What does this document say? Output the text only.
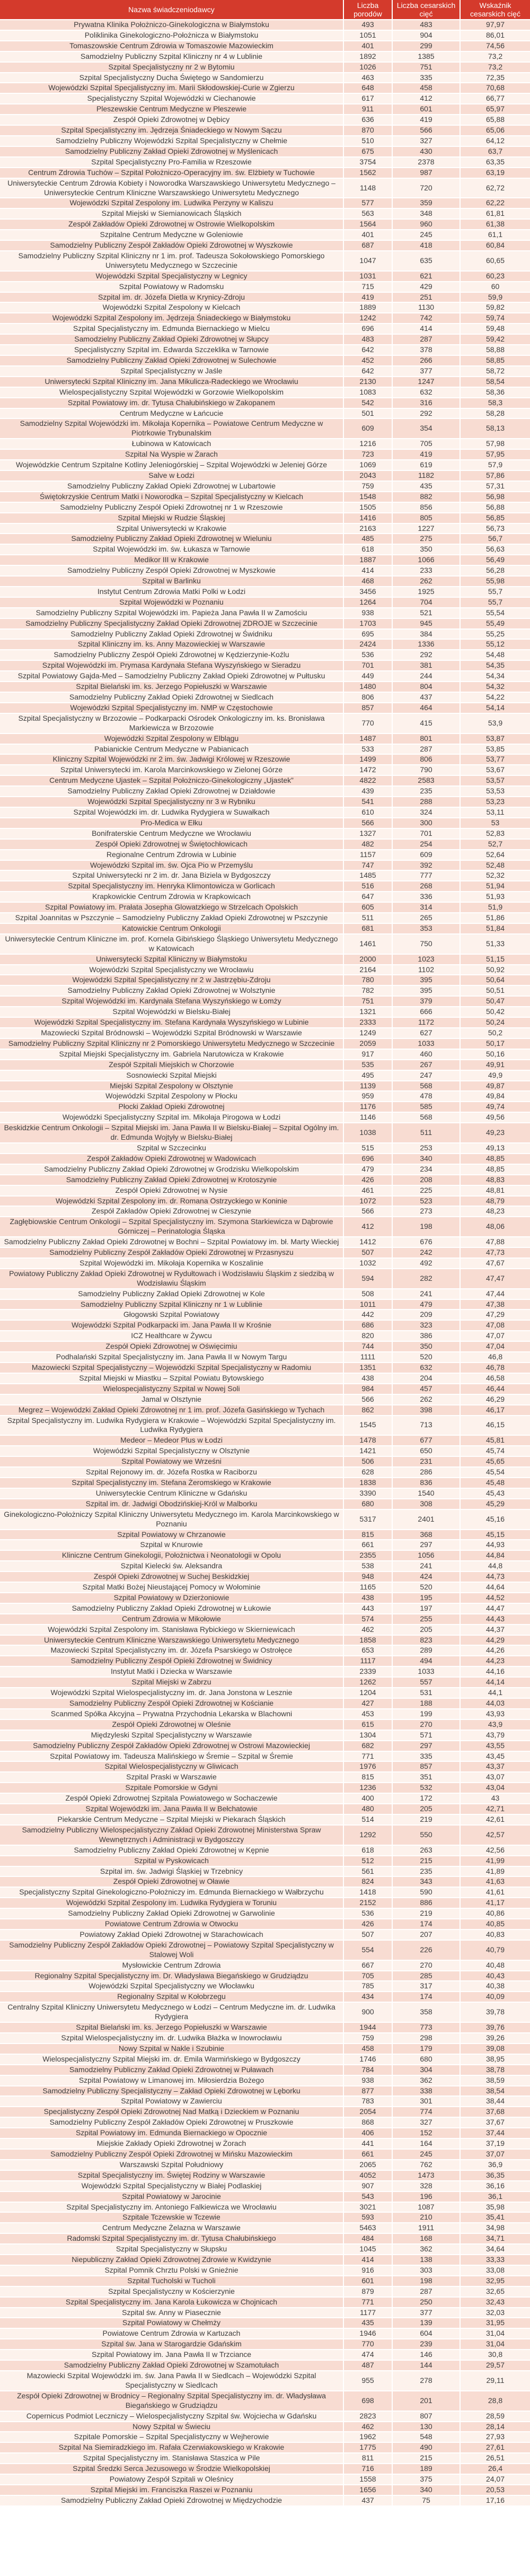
Nazwa świadczeniodawcy	Liczba porodów	Liczba cesarskich cięć	Wskaźnik cesarskich cięć
Prywatna Klinika Położniczo-Ginekologiczna w Białymstoku	493	483	97,97
Poliklinika Ginekologiczno-Położnicza w Białymstoku	1051	904	86,01
Tomaszowskie Centrum Zdrowia w Tomaszowie Mazowieckim	401	299	74,56
Samodzielny Publiczny Szpital Kliniczny nr 4 w Lublinie	1892	1385	73,2
Szpital Specjalistyczny nr 2 w Bytomiu	1026	751	73,2
Szpital Specjalistyczny Ducha Świętego w Sandomierzu	463	335	72,35
Wojewódzki Szpital Specjalistyczny im. Marii Skłodowskiej-Curie w Zgierzu	648	458	70,68
Specjalistyczny Szpital Wojewódzki w Ciechanowie	617	412	66,77
Pleszewskie Centrum Medyczne w Pleszewie	911	601	65,97
Zespół Opieki Zdrowotnej w Dębicy	636	419	65,88
Szpital Specjalistyczny im. Jędrzeja Śniadeckiego w Nowym Sączu	870	566	65,06
Samodzielny Publiczny Wojewódzki Szpital Specjalistyczny w Chełmie	510	327	64,12
Samodzielny Publiczny Zakład Opieki Zdrowotnej w Myślenicach	675	430	63,7
Szpital Specjalistyczny Pro-Familia w Rzeszowie	3754	2378	63,35
Centrum Zdrowia Tuchów – Szpital Położniczo-Operacyjny im. św. Elżbiety w Tuchowie	1562	987	63,19
Uniwersyteckie Centrum Zdrowia Kobiety i Noworodka Warszawskiego Uniwersytetu Medycznego – Uniwersyteckie Centrum Kliniczne Warszawskiego Uniwersytetu Medycznego	1148	720	62,72
Wojewódzki Szpital Zespolony im. Ludwika Perzyny w Kaliszu	577	359	62,22
Szpital Miejski w Siemianowicach Śląskich	563	348	61,81
Zespół Zakładów Opieki Zdrowotnej w Ostrowie Wielkopolskim	1564	960	61,38
Szpitalne Centrum Medyczne w Goleniowie	401	245	61,1
Samodzielny Publiczny Zespół Zakładów Opieki Zdrowotnej w Wyszkowie	687	418	60,84
Samodzielny Publiczny Szpital Kliniczny nr 1 im. prof. Tadeusza Sokołowskiego Pomorskiego Uniwersytetu Medycznego w Szczecinie	1047	635	60,65
Wojewódzki Szpital Specjalistyczny w Legnicy	1031	621	60,23
Szpital Powiatowy w Radomsku	715	429	60
Szpital im. dr. Józefa Dietla w Krynicy-Zdroju	419	251	59,9
Wojewódzki Szpital Zespolony w Kielcach	1889	1130	59,82
Wojewódzki Szpital Zespolony im. Jędrzeja Śniadeckiego w Białymstoku	1242	742	59,74
Szpital Specjalistyczny im. Edmunda Biernackiego w Mielcu	696	414	59,48
Samodzielny Publiczny Zakład Opieki Zdrowotnej w Słupcy	483	287	59,42
Specjalistyczny Szpital im. Edwarda Szczeklika w Tarnowie	642	378	58,88
Samodzielny Publiczny Zakład Opieki Zdrowotnej w Sulechowie	452	266	58,85
Szpital Specjalistyczny w Jaśle	642	377	58,72
Uniwersytecki Szpital Kliniczny im. Jana Mikulicza-Radeckiego we Wrocławiu	2130	1247	58,54
Wielospecjalistyczny Szpital Wojewódzki w Gorzowie Wielkopolskim	1083	632	58,36
Szpital Powiatowy im. dr. Tytusa Chałubińskiego w Zakopanem	542	316	58,3
Centrum Medyczne w Łańcucie	501	292	58,28
Samodzielny Szpital Wojewódzki im. Mikołaja Kopernika – Powiatowe Centrum Medyczne w Piotrkowie Trybunalskim	609	354	58,13
Łubinowa w Katowicach	1216	705	57,98
Szpital Na Wyspie w Żarach	723	419	57,95
Wojewódzkie Centrum Szpitalne Kotliny Jeleniogórskiej – Szpital Wojewódzki w Jeleniej Górze	1069	619	57,9
Salve w Łodzi	2043	1182	57,86
Samodzielny Publiczny Zakład Opieki Zdrowotnej w Lubartowie	759	435	57,31
Świętokrzyskie Centrum Matki i Noworodka – Szpital Specjalistyczny w Kielcach	1548	882	56,98
Samodzielny Publiczny Zespół Opieki Zdrowotnej nr 1 w Rzeszowie	1505	856	56,88
Szpital Miejski w Rudzie Śląskiej	1416	805	56,85
Szpital Uniwersytecki w Krakowie	2163	1227	56,73
Samodzielny Publiczny Zakład Opieki Zdrowotnej w Wieluniu	485	275	56,7
Szpital Wojewódzki im. św. Łukasza w Tarnowie	618	350	56,63
Medikor III w Krakowie	1887	1066	56,49
Samodzielny Publiczny Zespół Opieki Zdrowotnej w Myszkowie	414	233	56,28
Szpital w Barlinku	468	262	55,98
Instytut Centrum Zdrowia Matki Polki w Łodzi	3456	1925	55,7
Szpital Wojewódzki w Poznaniu	1264	704	55,7
Samodzielny Publiczny Szpital Wojewódzki im. Papieża Jana Pawła II w Zamościu	938	521	55,54
Samodzielny Publiczny Specjalistyczny Zakład Opieki Zdrowotnej ZDROJE w Szczecinie	1703	945	55,49
Samodzielny Publiczny Zakład Opieki Zdrowotnej w Świdniku	695	384	55,25
Szpital Kliniczny im. ks. Anny Mazowieckiej w Warszawie	2424	1336	55,12
Samodzielny Publiczny Zespół Opieki Zdrowotnej w Kędzierzynie-Koźlu	536	292	54,48
Szpital Wojewódzki im. Prymasa Kardynała Stefana Wyszyńskiego w Sieradzu	701	381	54,35
Szpital Powiatowy Gajda-Med – Samodzielny Publiczny Zakład Opieki Zdrowotnej w Pułtusku	449	244	54,34
Szpital Bielański im. ks. Jerzego Popiełuszki w Warszawie	1480	804	54,32
Samodzielny Publiczny Zakład Opieki Zdrowotnej w Siedlcach	806	437	54,22
Wojewódzki Szpital Specjalistyczny im. NMP w Częstochowie	857	464	54,14
Szpital Specjalistyczny w Brzozowie – Podkarpacki Ośrodek Onkologiczny im. ks. Bronisława Markiewicza w Brzozowie	770	415	53,9
Wojewódzki Szpital Zespolony w Elblągu	1487	801	53,87
Pabianickie Centrum Medyczne w Pabianicach	533	287	53,85
Kliniczny Szpital Wojewódzki nr 2 im. św. Jadwigi Królowej w Rzeszowie	1499	806	53,77
Szpital Uniwersytecki im. Karola Marcinkowskiego w Zielonej Górze	1472	790	53,67
Centrum Medyczne Ujastek – Szpital Położniczo-Ginekologiczny „Ujastek”	4822	2583	53,57
Samodzielny Publiczny Zakład Opieki Zdrowotnej w Działdowie	439	235	53,53
Wojewódzki Szpital Specjalistyczny nr 3 w Rybniku	541	288	53,23
Szpital Wojewódzki im. dr. Ludwika Rydygiera w Suwałkach	610	324	53,11
Pro-Medica w Ełku	566	300	53
Bonifraterskie Centrum Medyczne we Wrocławiu	1327	701	52,83
Zespół Opieki Zdrowotnej w Świętochłowicach	482	254	52,7
Regionalne Centrum Zdrowia w Lubinie	1157	609	52,64
Wojewódzki Szpital im. św. Ojca Pio w Przemyślu	747	392	52,48
Szpital Uniwersytecki nr 2 im. dr. Jana Biziela w Bydgoszczy	1485	777	52,32
Szpital Specjalistyczny im. Henryka Klimontowicza w Gorlicach	516	268	51,94
Krapkowickie Centrum Zdrowia w Krapkowicach	647	336	51,93
Szpital Powiatowy im. Prałata Josepha Glowatzkiego w Strzelcach Opolskich	605	314	51,9
Szpital Joannitas w Pszczynie – Samodzielny Publiczny Zakład Opieki Zdrowotnej w Pszczynie	511	265	51,86
Katowickie Centrum Onkologii	681	353	51,84
Uniwersyteckie Centrum Kliniczne im. prof. Kornela Gibińskiego Śląskiego Uniwersytetu Medycznego w Katowicach	1461	750	51,33
Uniwersytecki Szpital Kliniczny w Białymstoku	2000	1023	51,15
Wojewódzki Szpital Specjalistyczny we Wrocławiu	2164	1102	50,92
Wojewódzki Szpital Specjalistyczny nr 2 w Jastrzębiu-Zdroju	780	395	50,64
Samodzielny Publiczny Zakład Opieki Zdrowotnej w Wolsztynie	782	395	50,51
Szpital Wojewódzki im. Kardynała Stefana Wyszyńskiego w Łomży	751	379	50,47
Szpital Wojewódzki w Bielsku-Białej	1321	666	50,42
Wojewódzki Szpital Specjalistyczny im. Stefana Kardynała Wyszyńskiego w Lubinie	2333	1172	50,24
Mazowiecki Szpital Bródnowski – Wojewódzki Szpital Bródnowski w Warszawie	1249	627	50,2
Samodzielny Publiczny Szpital Kliniczny nr 2 Pomorskiego Uniwersytetu Medycznego w Szczecinie	2059	1033	50,17
Szpital Miejski Specjalistyczny im. Gabriela Narutowicza w Krakowie	917	460	50,16
Zespół Szpitali Miejskich w Chorzowie	535	267	49,91
Sosnowiecki Szpital Miejski	495	247	49,9
Miejski Szpital Zespolony w Olsztynie	1139	568	49,87
Wojewódzki Szpital Zespolony w Płocku	959	478	49,84
Płocki Zakład Opieki Zdrowotnej	1176	585	49,74
Wojewódzki Specjalistyczny Szpital im. Mikołaja Pirogowa w Łodzi	1146	568	49,56
Beskidzkie Centrum Onkologii – Szpital Miejski im. Jana Pawła II w Bielsku-Białej – Szpital Ogólny im. dr. Edmunda Wojtyły w Bielsku-Białej	1038	511	49,23
Szpital w Szczecinku	515	253	49,13
Zespół Zakładów Opieki Zdrowotnej w Wadowicach	696	340	48,85
Samodzielny Publiczny Zakład Opieki Zdrowotnej w Grodzisku Wielkopolskim	479	234	48,85
Samodzielny Publiczny Zakład Opieki Zdrowotnej w Krotoszynie	426	208	48,83
Zespół Opieki Zdrowotnej w Nysie	461	225	48,81
Wojewódzki Szpital Zespolony im. dr. Romana Ostrzyckiego w Koninie	1072	523	48,79
Zespół Zakładów Opieki Zdrowotnej w Cieszynie	566	273	48,23
Zagłębiowskie Centrum Onkologii – Szpital Specjalistyczny im. Szymona Starkiewicza w Dąbrowie Górniczej – Perinatologia Śląska	412	198	48,06
Samodzielny Publiczny Zakład Opieki Zdrowotnej w Bochni – Szpital Powiatowy im. bł. Marty Wieckiej	1412	676	47,88
Samodzielny Publiczny Zespół Zakładów Opieki Zdrowotnej w Przasnyszu	507	242	47,73
Szpital Wojewódzki im. Mikołaja Kopernika w Koszalinie	1032	492	47,67
Powiatowy Publiczny Zakład Opieki Zdrowotnej w Rydułtowach i Wodzisławiu Śląskim z siedzibą w Wodzisławiu Śląskim	594	282	47,47
Samodzielny Publiczny Zakład Opieki Zdrowotnej w Kole	508	241	47,44
Samodzielny Publiczny Szpital Kliniczny nr 1 w Lublinie	1011	479	47,38
Głogowski Szpital Powiatowy	442	209	47,29
Wojewódzki Szpital Podkarpacki im. Jana Pawła II w Krośnie	686	323	47,08
ICZ Healthcare w Żywcu	820	386	47,07
Zespół Opieki Zdrowotnej w Oświęcimiu	744	350	47,04
Podhalański Szpital Specjalistyczny im. Jana Pawła II w Nowym Targu	1111	520	46,8
Mazowiecki Szpital Specjalistyczny – Wojewódzki Szpital Specjalistyczny w Radomiu	1351	632	46,78
Szpital Miejski w Miastku – Szpital Powiatu Bytowskiego	438	204	46,58
Wielospecjalistyczny Szpital w Nowej Soli	984	457	46,44
Jamal w Olsztynie	566	262	46,29
Megrez – Wojewódzki Zakład Opieki Zdrowotnej nr 1 im. prof. Józefa Gasińskiego w Tychach	862	398	46,17
Szpital Specjalistyczny im. Ludwika Rydygiera w Krakowie – Wojewódzki Szpital Specjalistyczny im. Ludwika Rydygiera	1545	713	46,15
Medeor – Medeor Plus w Łodzi	1478	677	45,81
Wojewódzki Szpital Specjalistyczny w Olsztynie	1421	650	45,74
Szpital Powiatowy we Wrześni	506	231	45,65
Szpital Rejonowy im. dr. Józefa Rostka w Raciborzu	628	286	45,54
Szpital Specjalistyczny im. Stefana Żeromskiego w Krakowie	1838	836	45,48
Uniwersyteckie Centrum Kliniczne w Gdańsku	3390	1540	45,43
Szpital im. dr. Jadwigi Obodzińskiej-Król w Malborku	680	308	45,29
Ginekologiczno-Położniczy Szpital Kliniczny Uniwersytetu Medycznego im. Karola Marcinkowskiego w Poznaniu	5317	2401	45,16
Szpital Powiatowy w Chrzanowie	815	368	45,15
Szpital w Knurowie	661	297	44,93
Kliniczne Centrum Ginekologii, Położnictwa i Neonatologii w Opolu	2355	1056	44,84
Szpital Kielecki św. Aleksandra	538	241	44,8
Zespół Opieki Zdrowotnej w Suchej Beskidzkiej	948	424	44,73
Szpital Matki Bożej Nieustającej Pomocy w Wołominie	1165	520	44,64
Szpital Powiatowy w Dzierżoniowie	438	195	44,52
Samodzielny Publiczny Zakład Opieki Zdrowotnej w Łukowie	443	197	44,47
Centrum Zdrowia w Mikołowie	574	255	44,43
Wojewódzki Szpital Zespolony im. Stanisława Rybickiego w Skierniewicach	462	205	44,37
Uniwersyteckie Centrum Kliniczne Warszawskiego Uniwersytetu Medycznego	1858	823	44,29
Mazowiecki Szpital Specjalistyczny im. dr. Józefa Psarskiego w Ostrołęce	653	289	44,26
Samodzielny Publiczny Zespół Opieki Zdrowotnej w Świdnicy	1117	494	44,23
Instytut Matki i Dziecka w Warszawie	2339	1033	44,16
Szpital Miejski w Zabrzu	1262	557	44,14
Wojewódzki Szpital Wielospecjalistyczny im. dr. Jana Jonstona w Lesznie	1204	531	44,1
Samodzielny Publiczny Zespół Opieki Zdrowotnej w Kościanie	427	188	44,03
Scanmed Spółka Akcyjna – Prywatna Przychodnia Lekarska w Blachowni	453	199	43,93
Zespół Opieki Zdrowotnej w Oleśnie	615	270	43,9
Międzyleski Szpital Specjalistyczny w Warszawie	1304	571	43,79
Samodzielny Publiczny Zespół Zakładów Opieki Zdrowotnej w Ostrowi Mazowieckiej	682	297	43,55
Szpital Powiatowy im. Tadeusza Malińskiego w Śremie – Szpital w Śremie	771	335	43,45
Szpital Wielospecjalistyczny w Gliwicach	1976	857	43,37
Szpital Praski w Warszawie	815	351	43,07
Szpitale Pomorskie w Gdyni	1236	532	43,04
Zespół Opieki Zdrowotnej Szpitala Powiatowego w Sochaczewie	400	172	43
Szpital Wojewódzki im. Jana Pawła II w Bełchatowie	480	205	42,71
Piekarskie Centrum Medyczne – Szpital Miejski w Piekarach Śląskich	514	219	42,61
Samodzielny Publiczny Wielospecjalistyczny Zakład Opieki Zdrowotnej Ministerstwa Spraw Wewnętrznych i Administracji w Bydgoszczy	1292	550	42,57
Samodzielny Publiczny Zakład Opieki Zdrowotnej w Kępnie	618	263	42,56
Szpital w Pyskowicach	512	215	41,99
Szpital im. św. Jadwigi Śląskiej w Trzebnicy	561	235	41,89
Zespół Opieki Zdrowotnej w Oławie	824	343	41,63
Specjalistyczny Szpital Ginekologiczno-Położniczy im. Edmunda Biernackiego w Wałbrzychu	1418	590	41,61
Wojewódzki Szpital Zespolony im. Ludwika Rydygiera w Toruniu	2152	886	41,17
Samodzielny Publiczny Zakład Opieki Zdrowotnej w Garwolinie	536	219	40,86
Powiatowe Centrum Zdrowia w Otwocku	426	174	40,85
Powiatowy Zakład Opieki Zdrowotnej w Starachowicach	507	207	40,83
Samodzielny Publiczny Zespół Zakładów Opieki Zdrowotnej – Powiatowy Szpital Specjalistyczny w Stalowej Woli	554	226	40,79
Mysłowickie Centrum Zdrowia	667	270	40,48
Regionalny Szpital Specjalistyczny im. Dr. Władysława Biegańskiego w Grudziądzu	705	285	40,43
Wojewódzki Szpital Specjalistyczny we Włocławku	785	317	40,38
Regionalny Szpital w Kołobrzegu	434	174	40,09
Centralny Szpital Kliniczny Uniwersytetu Medycznego w Łodzi – Centrum Medyczne im. dr. Ludwika Rydygiera	900	358	39,78
Szpital Bielański im. ks. Jerzego Popiełuszki w Warszawie	1944	773	39,76
Szpital Wielospecjalistyczny im. dr. Ludwika Błażka w Inowrocławiu	759	298	39,26
Nowy Szpital w Nakle i Szubinie	458	179	39,08
Wielospecjalistyczny Szpital Miejski im. dr. Emila Warmińskiego w Bydgoszczy	1746	680	38,95
Samodzielny Publiczny Zakład Opieki Zdrowotnej w Puławach	784	304	38,78
Szpital Powiatowy w Limanowej im. Miłosierdzia Bożego	938	362	38,59
Samodzielny Publiczny Specjalistyczny – Zakład Opieki Zdrowotnej w Lęborku	877	338	38,54
Szpital Powiatowy w Zawierciu	783	301	38,44
Specjalistyczny Zespół Opieki Zdrowotnej Nad Matką i Dzieckiem w Poznaniu	2054	774	37,68
Samodzielny Publiczny Zespół Zakładów Opieki Zdrowotnej w Pruszkowie	868	327	37,67
Szpital Powiatowy im. Edmunda Biernackiego w Opocznie	406	152	37,44
Miejskie Zakłady Opieki Zdrowotnej w Żorach	441	164	37,19
Samodzielny Publiczny Zespół Opieki Zdrowotnej w Mińsku Mazowieckim	661	245	37,07
Warszawski Szpital Południowy	2065	762	36,9
Szpital Specjalistyczny im. Świętej Rodziny w Warszawie	4052	1473	36,35
Wojewódzki Szpital Specjalistyczny w Białej Podlaskiej	907	328	36,16
Szpital Powiatowy w Jarocinie	543	196	36,1
Szpital Specjalistyczny im. Antoniego Falkiewicza we Wrocławiu	3021	1087	35,98
Szpitale Tczewskie w Tczewie	593	210	35,41
Centrum Medyczne Żelazna w Warszawie	5463	1911	34,98
Radomski Szpital Specjalistyczny im. dr. Tytusa Chałubińskiego	484	168	34,71
Szpital Specjalistyczny w Słupsku	1045	362	34,64
Niepubliczny Zakład Opieki Zdrowotnej Zdrowie w Kwidzynie	414	138	33,33
Szpital Pomnik Chrztu Polski w Gnieźnie	916	303	33,08
Szpital Tucholski w Tucholi	601	198	32,95
Szpital Specjalistyczny w Kościerzynie	879	287	32,65
Szpital Specjalistyczny im. Jana Karola Łukowicza w Chojnicach	771	250	32,43
Szpital św. Anny w Piasecznie	1177	377	32,03
Szpital Powiatowy w Chełmży	435	139	31,95
Powiatowe Centrum Zdrowia w Kartuzach	1946	604	31,04
Szpital św. Jana w Starogardzie Gdańskim	770	239	31,04
Szpital Powiatowy im. Jana Pawła II w Trzciance	474	146	30,8
Samodzielny Publiczny Zakład Opieki Zdrowotnej w Szamotułach	487	144	29,57
Mazowiecki Szpital Wojewódzki im. św. Jana Pawła II w Siedlcach – Wojewódzki Szpital Specjalistyczny w Siedlcach	955	278	29,11
Zespół Opieki Zdrowotnej w Brodnicy – Regionalny Szpital Specjalistyczny im. dr. Władysława Biegańskiego w Grudziądzu	698	201	28,8
Copernicus Podmiot Leczniczy – Wielospecjalistyczny Szpital św. Wojciecha w Gdańsku	2823	807	28,59
Nowy Szpital w Świeciu	462	130	28,14
Szpitale Pomorskie – Szpital Specjalistyczny w Wejherowie	1962	548	27,93
Szpital Na Siemiradzkiego im. Rafała Czerwiakowskiego w Krakowie	1775	490	27,61
Szpital Specjalistyczny im. Stanisława Staszica w Pile	811	215	26,51
Szpital Średzki Serca Jezusowego w Środzie Wielkopolskiej	716	189	26,4
Powiatowy Zespół Szpitali w Oleśnicy	1558	375	24,07
Szpital Miejski im. Franciszka Raszei w Poznaniu	1656	340	20,53
Samodzielny Publiczny Zakład Opieki Zdrowotnej w Międzychodzie	437	75	17,16
